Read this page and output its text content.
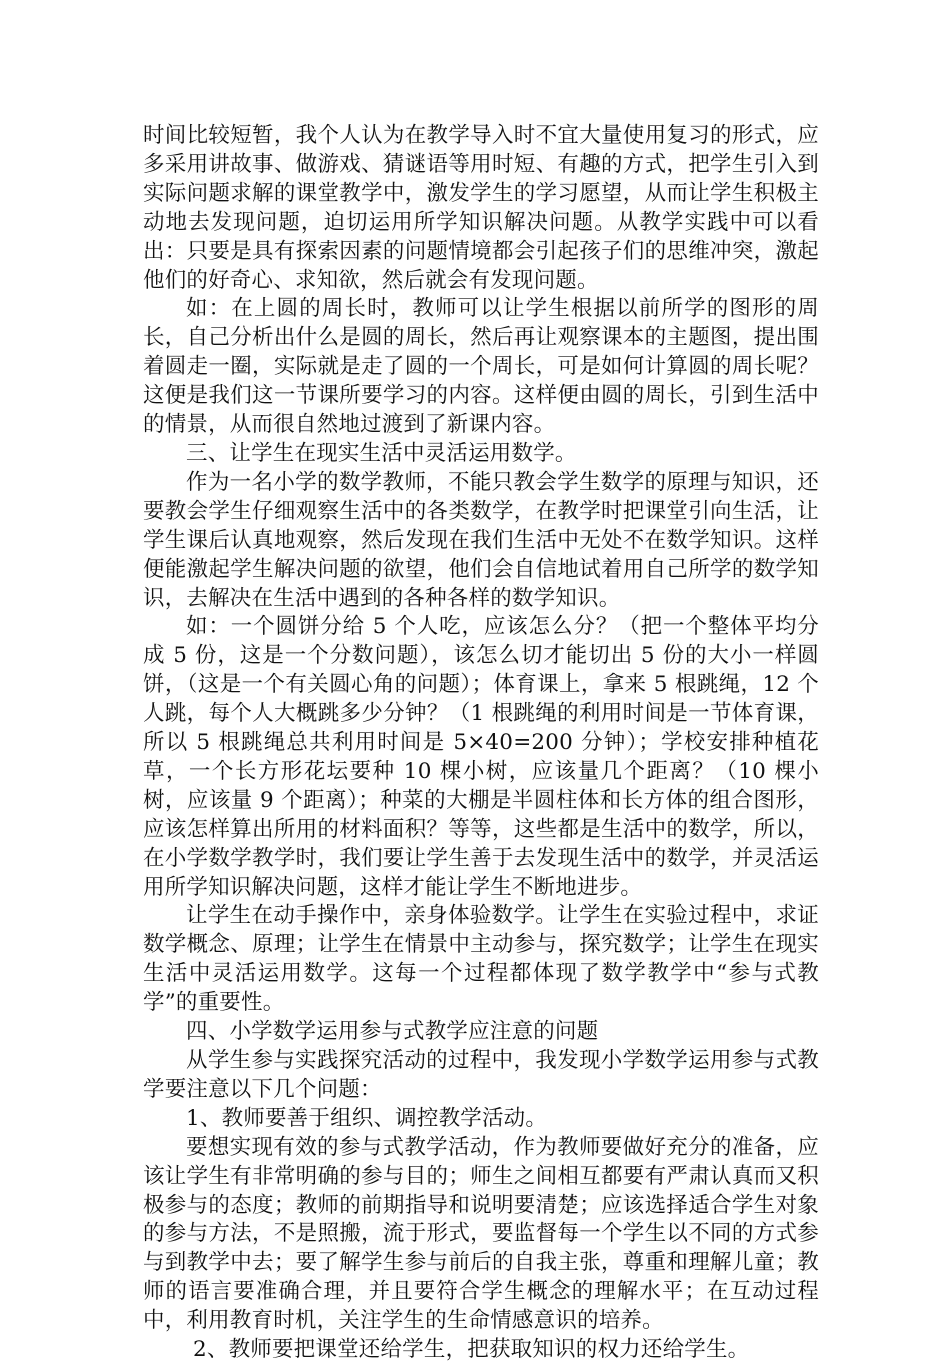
时间比较短暂，我个人认为在教学导入时不宜大量使用复习的形式，应多采用讲故事、做游戏、猜谜语等用时短、有趣的方式，把学生引入到实际问题求解的课堂教学中，激发学生的学习愿望，从而让学生积极主动地去发现问题，迫切运用所学知识解决问题。从教学实践中可以看出：只要是具有探索因素的问题情境都会引起孩子们的思维冲突，激起他们的好奇心、求知欲，然后就会有发现问题。

如：在上圆的周长时，教师可以让学生根据以前所学的图形的周长，自己分析出什么是圆的周长，然后再让观察课本的主题图，提出围着圆走一圈，实际就是走了圆的一个周长，可是如何计算圆的周长呢？这便是我们这一节课所要学习的内容。这样便由圆的周长，引到生活中的情景，从而很自然地过渡到了新课内容。

三、让学生在现实生活中灵活运用数学。

作为一名小学的数学教师，不能只教会学生数学的原理与知识，还要教会学生仔细观察生活中的各类数学，在教学时把课堂引向生活，让学生课后认真地观察，然后发现在我们生活中无处不在数学知识。这样便能激起学生解决问题的欲望，他们会自信地试着用自己所学的数学知识，去解决在生活中遇到的各种各样的数学知识。

如：一个圆饼分给 5 个人吃，应该怎么分？（把一个整体平均分成 5 份，这是一个分数问题），该怎么切才能切出 5 份的大小一样圆饼，（这是一个有关圆心角的问题）；体育课上，拿来 5 根跳绳，12 个人跳，每个人大概跳多少分钟？（1 根跳绳的利用时间是一节体育课，所以 5 根跳绳总共利用时间是 5×40=200 分钟）；学校安排种植花草，一个长方形花坛要种 10 棵小树，应该量几个距离？（10 棵小树，应该量 9 个距离）；种菜的大棚是半圆柱体和长方体的组合图形，应该怎样算出所用的材料面积？等等，这些都是生活中的数学，所以，在小学数学教学时，我们要让学生善于去发现生活中的数学，并灵活运用所学知识解决问题，这样才能让学生不断地进步。

让学生在动手操作中，亲身体验数学。让学生在实验过程中，求证数学概念、原理；让学生在情景中主动参与，探究数学；让学生在现实生活中灵活运用数学。这每一个过程都体现了数学教学中“参与式教学”的重要性。

四、小学数学运用参与式教学应注意的问题

从学生参与实践探究活动的过程中，我发现小学数学运用参与式教学要注意以下几个问题：

1、教师要善于组织、调控教学活动。

要想实现有效的参与式教学活动，作为教师要做好充分的准备，应该让学生有非常明确的参与目的；师生之间相互都要有严肃认真而又积极参与的态度；教师的前期指导和说明要清楚；应该选择适合学生对象的参与方法，不是照搬，流于形式，要监督每一个学生以不同的方式参与到教学中去；要了解学生参与前后的自我主张，尊重和理解儿童；教师的语言要准确合理，并且要符合学生概念的理解水平；在互动过程中，利用教育时机，关注学生的生命情感意识的培养。

2、教师要把课堂还给学生，把获取知识的权力还给学生。
